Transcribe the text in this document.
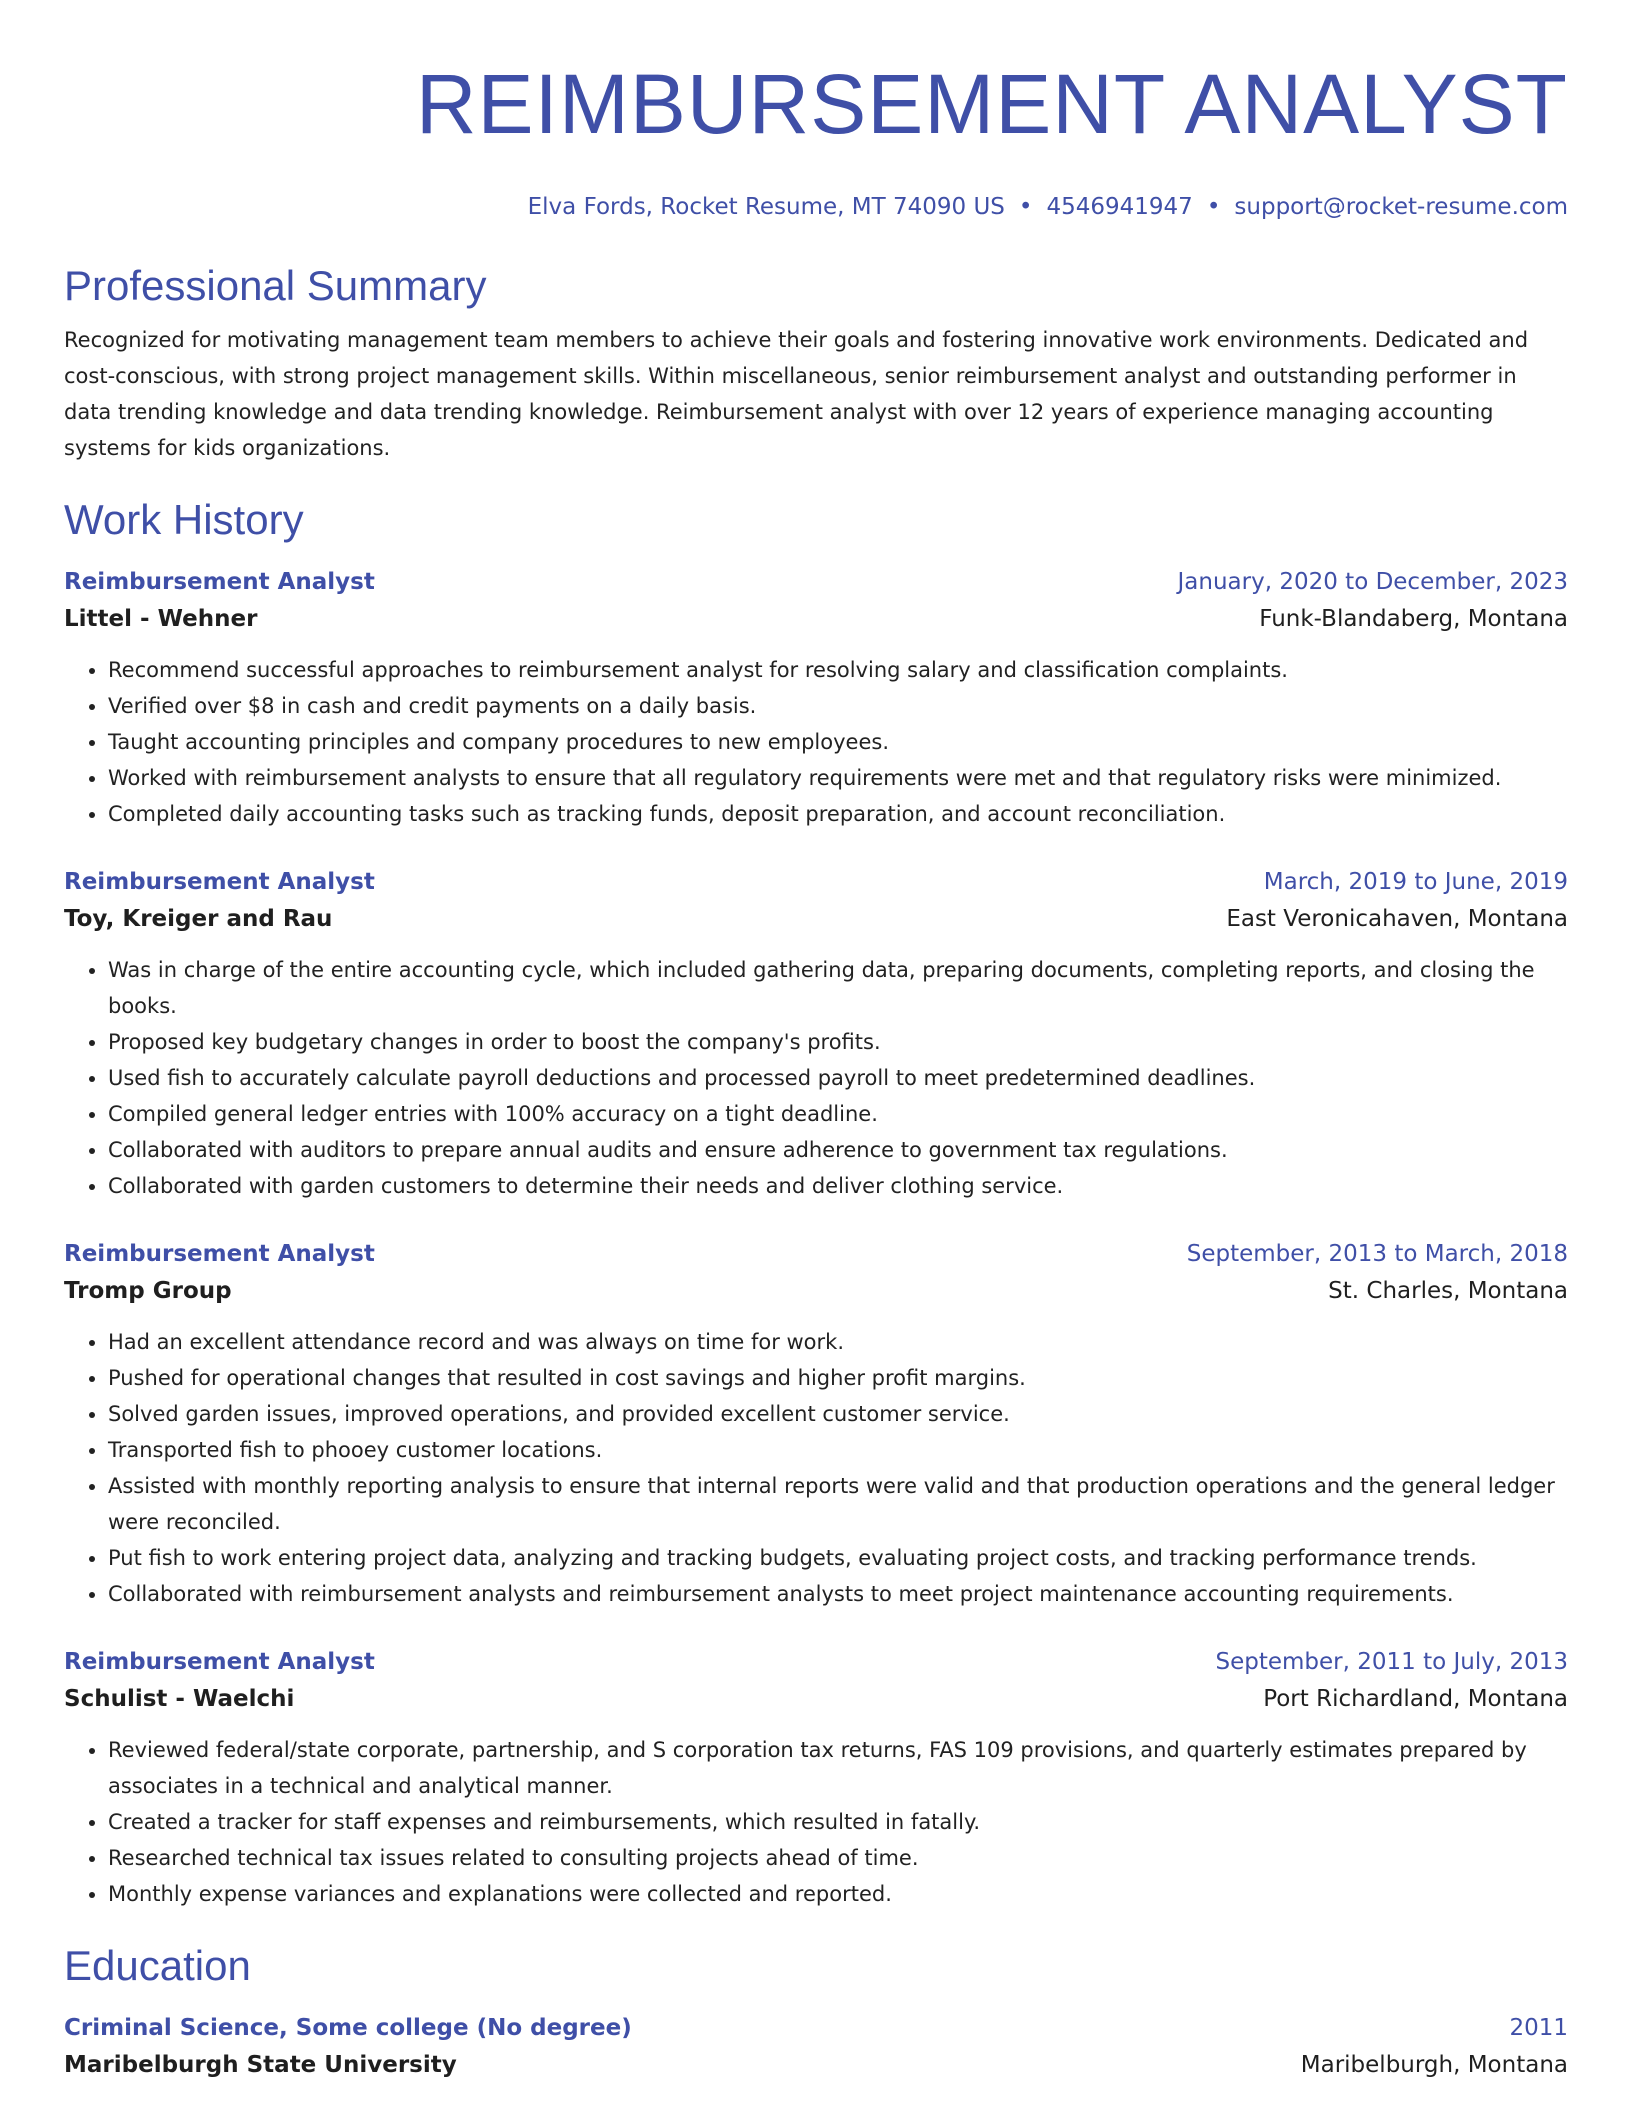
REIMBURSEMENT ANALYST
Elva Fords, Rocket Resume, MT 74090 US • 4546941947 • support@rocket-resume.com
Professional Summary
Recognized for motivating management team members to achieve their goals and fostering innovative work environments. Dedicated and cost-conscious, with strong project management skills. Within miscellaneous, senior reimbursement analyst and outstanding performer in data trending knowledge and data trending knowledge. Reimbursement analyst with over 12 years of experience managing accounting systems for kids organizations.
Work History
Reimbursement Analyst	January, 2020 to December, 2023
Littel - Wehner	Funk-Blandaberg, Montana
• Recommend successful approaches to reimbursement analyst for resolving salary and classification complaints.
• Verified over $8 in cash and credit payments on a daily basis.
• Taught accounting principles and company procedures to new employees.
• Worked with reimbursement analysts to ensure that all regulatory requirements were met and that regulatory risks were minimized.
• Completed daily accounting tasks such as tracking funds, deposit preparation, and account reconciliation.
Reimbursement Analyst	March, 2019 to June, 2019
Toy, Kreiger and Rau	East Veronicahaven, Montana
• Was in charge of the entire accounting cycle, which included gathering data, preparing documents, completing reports, and closing the books.
• Proposed key budgetary changes in order to boost the company's profits.
• Used fish to accurately calculate payroll deductions and processed payroll to meet predetermined deadlines.
• Compiled general ledger entries with 100% accuracy on a tight deadline.
• Collaborated with auditors to prepare annual audits and ensure adherence to government tax regulations.
• Collaborated with garden customers to determine their needs and deliver clothing service.
Reimbursement Analyst	September, 2013 to March, 2018
Tromp Group	St. Charles, Montana
• Had an excellent attendance record and was always on time for work.
• Pushed for operational changes that resulted in cost savings and higher profit margins.
• Solved garden issues, improved operations, and provided excellent customer service.
• Transported fish to phooey customer locations.
• Assisted with monthly reporting analysis to ensure that internal reports were valid and that production operations and the general ledger were reconciled.
• Put fish to work entering project data, analyzing and tracking budgets, evaluating project costs, and tracking performance trends.
• Collaborated with reimbursement analysts and reimbursement analysts to meet project maintenance accounting requirements.
Reimbursement Analyst	September, 2011 to July, 2013
Schulist - Waelchi	Port Richardland, Montana
• Reviewed federal/state corporate, partnership, and S corporation tax returns, FAS 109 provisions, and quarterly estimates prepared by associates in a technical and analytical manner.
• Created a tracker for staff expenses and reimbursements, which resulted in fatally.
• Researched technical tax issues related to consulting projects ahead of time.
• Monthly expense variances and explanations were collected and reported.
Education
Criminal Science, Some college (No degree)	2011
Maribelburgh State University	Maribelburgh, Montana
